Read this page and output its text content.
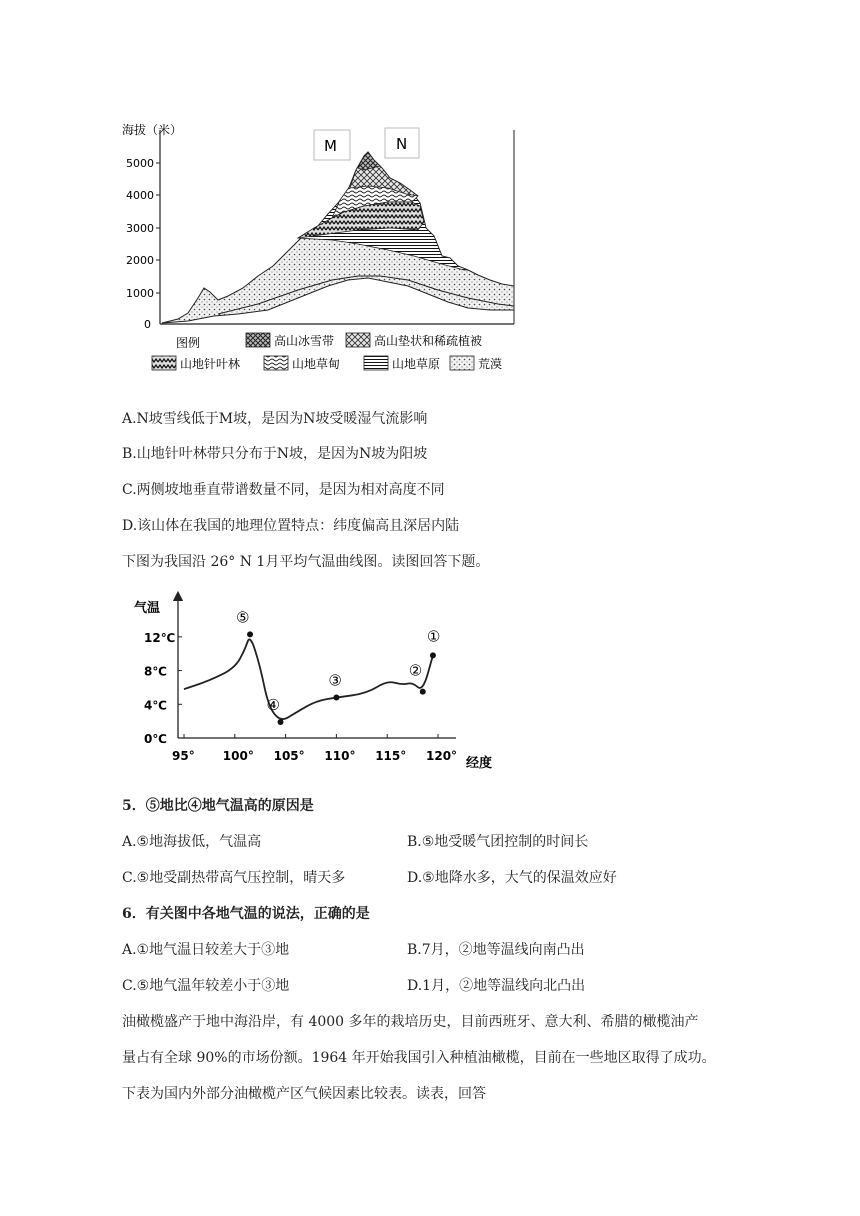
海拔（米）
5000
4000
3000
2000
1000
0
M	N
图例	高山冰雪带	高山垫状和稀疏植被
山地针叶林	山地草甸	山地草原	荒漠
A.N坡雪线低于M坡，是因为N坡受暖湿气流影响
B.山地针叶林带只分布于N坡，是因为N坡为阳坡
C.两侧坡地垂直带谱数量不同，是因为相对高度不同
D.该山体在我国的地理位置特点：纬度偏高且深居内陆
下图为我国沿 26° N 1月平均气温曲线图。读图回答下题。
气温
经度
95° 100° 105° 110° 115° 120°
12℃
8℃
4℃
0℃
⑤
④
③
②
①
5．⑤地比④地气温高的原因是
A.⑤地海拔低，气温高	B.⑤地受暖气团控制的时间长
C.⑤地受副热带高气压控制，晴天多	D.⑤地降水多，大气的保温效应好
6．有关图中各地气温的说法，正确的是
A.①地气温日较差大于③地	B.7月，②地等温线向南凸出
C.⑤地气温年较差小于③地	D.1月，②地等温线向北凸出
油橄榄盛产于地中海沿岸，有 4000 多年的栽培历史，目前西班牙、意大利、希腊的橄榄油产
量占有全球 90%的市场份额。1964 年开始我国引入种植油橄榄，目前在一些地区取得了成功。
下表为国内外部分油橄榄产区气候因素比较表。读表，回答
